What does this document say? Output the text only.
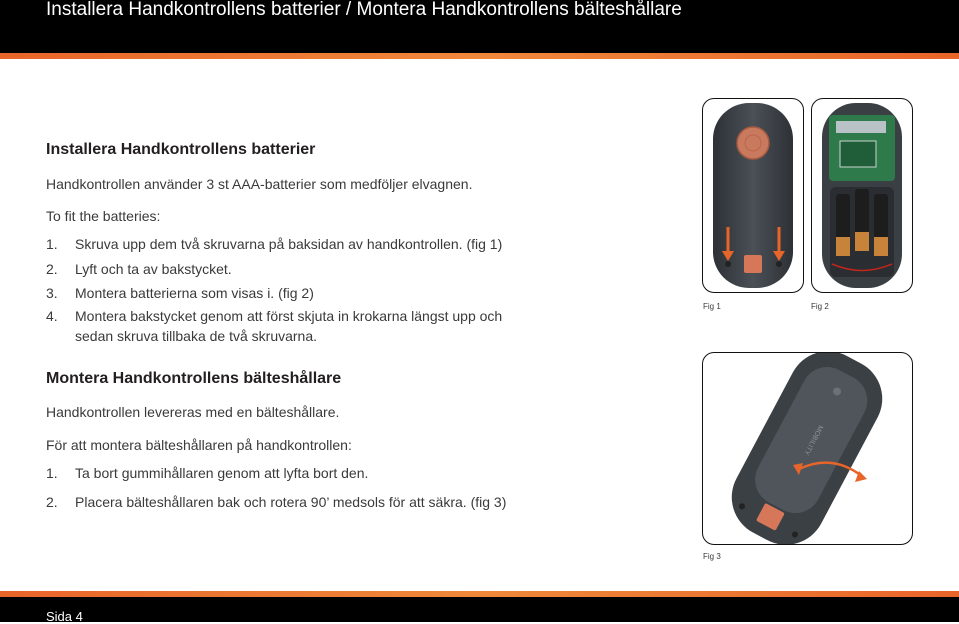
Installera Handkontrollens batterier / Montera Handkontrollens bälteshållare
Installera Handkontrollens batterier
Handkontrollen använder 3 st AAA-batterier som medföljer elvagnen.
To fit the batteries:
1. Skruva upp dem två skruvarna på baksidan av handkontrollen. (fig 1)
2. Lyft och ta av bakstycket.
3. Montera batterierna som visas i. (fig 2)
4. Montera bakstycket genom att först skjuta in krokarna längst upp och
sedan skruva tillbaka de två skruvarna.
Montera Handkontrollens bälteshållare
Handkontrollen levereras med en bälteshållare.
För att montera bälteshållaren på handkontrollen:
1. Ta bort gummihållaren genom att lyfta bort den.
2. Placera bälteshållaren bak och rotera 90’ medsols för att säkra. (fig 3)
Fig 1	Fig 2
MOBILITY
Fig 3
Sida 4
